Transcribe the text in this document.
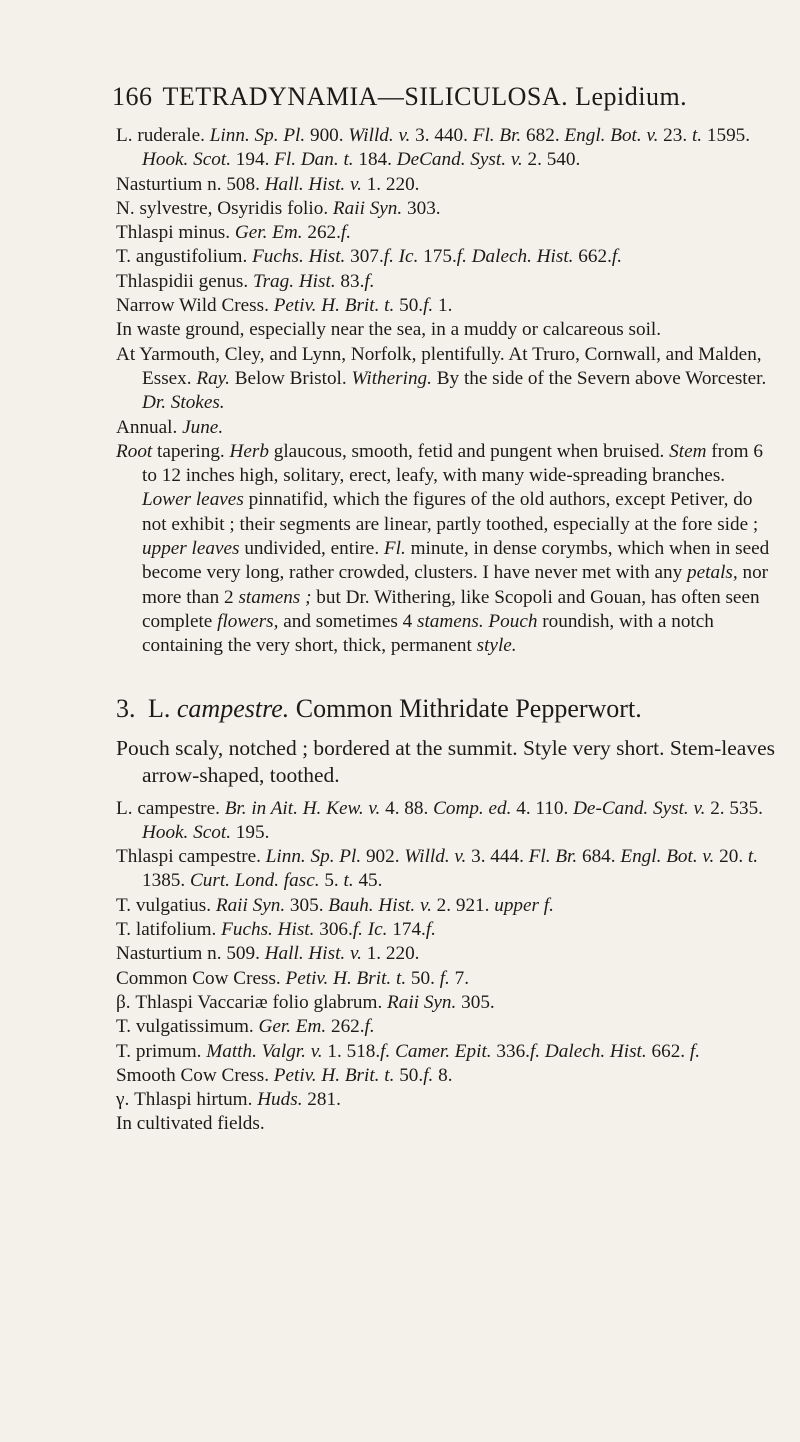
166 TETRADYNAMIA—SILICULOSA. Lepidium.

L. ruderale. Linn. Sp. Pl. 900. Willd. v. 3. 440. Fl. Br. 682. Engl. Bot. v. 23. t. 1595. Hook. Scot. 194. Fl. Dan. t. 184. DeCand. Syst. v. 2. 540.

Nasturtium n. 508. Hall. Hist. v. 1. 220.

N. sylvestre, Osyridis folio. Raii Syn. 303.

Thlaspi minus. Ger. Em. 262.f.

T. angustifolium. Fuchs. Hist. 307.f. Ic. 175.f. Dalech. Hist. 662.f.

Thlaspidii genus. Trag. Hist. 83.f.

Narrow Wild Cress. Petiv. H. Brit. t. 50.f. 1.

In waste ground, especially near the sea, in a muddy or calcareous soil.

At Yarmouth, Cley, and Lynn, Norfolk, plentifully. At Truro, Cornwall, and Malden, Essex. Ray. Below Bristol. Withering. By the side of the Severn above Worcester. Dr. Stokes.

Annual. June.

Root tapering. Herb glaucous, smooth, fetid and pungent when bruised. Stem from 6 to 12 inches high, solitary, erect, leafy, with many wide-spreading branches. Lower leaves pinnatifid, which the figures of the old authors, except Petiver, do not exhibit ; their segments are linear, partly toothed, especially at the fore side ; upper leaves undivided, entire. Fl. minute, in dense corymbs, which when in seed become very long, rather crowded, clusters. I have never met with any petals, nor more than 2 stamens ; but Dr. Withering, like Scopoli and Gouan, has often seen complete flowers, and sometimes 4 stamens. Pouch roundish, with a notch containing the very short, thick, permanent style.

3. L. campestre. Common Mithridate Pepperwort.

Pouch scaly, notched ; bordered at the summit. Style very short. Stem-leaves arrow-shaped, toothed.

L. campestre. Br. in Ait. H. Kew. v. 4. 88. Comp. ed. 4. 110. De-Cand. Syst. v. 2. 535. Hook. Scot. 195.

Thlaspi campestre. Linn. Sp. Pl. 902. Willd. v. 3. 444. Fl. Br. 684. Engl. Bot. v. 20. t. 1385. Curt. Lond. fasc. 5. t. 45.

T. vulgatius. Raii Syn. 305. Bauh. Hist. v. 2. 921. upper f.

T. latifolium. Fuchs. Hist. 306.f. Ic. 174.f.

Nasturtium n. 509. Hall. Hist. v. 1. 220.

Common Cow Cress. Petiv. H. Brit. t. 50. f. 7.

β. Thlaspi Vaccariæ folio glabrum. Raii Syn. 305.

T. vulgatissimum. Ger. Em. 262.f.

T. primum. Matth. Valgr. v. 1. 518.f. Camer. Epit. 336.f. Dalech. Hist. 662. f.

Smooth Cow Cress. Petiv. H. Brit. t. 50.f. 8.

γ. Thlaspi hirtum. Huds. 281.

In cultivated fields.
